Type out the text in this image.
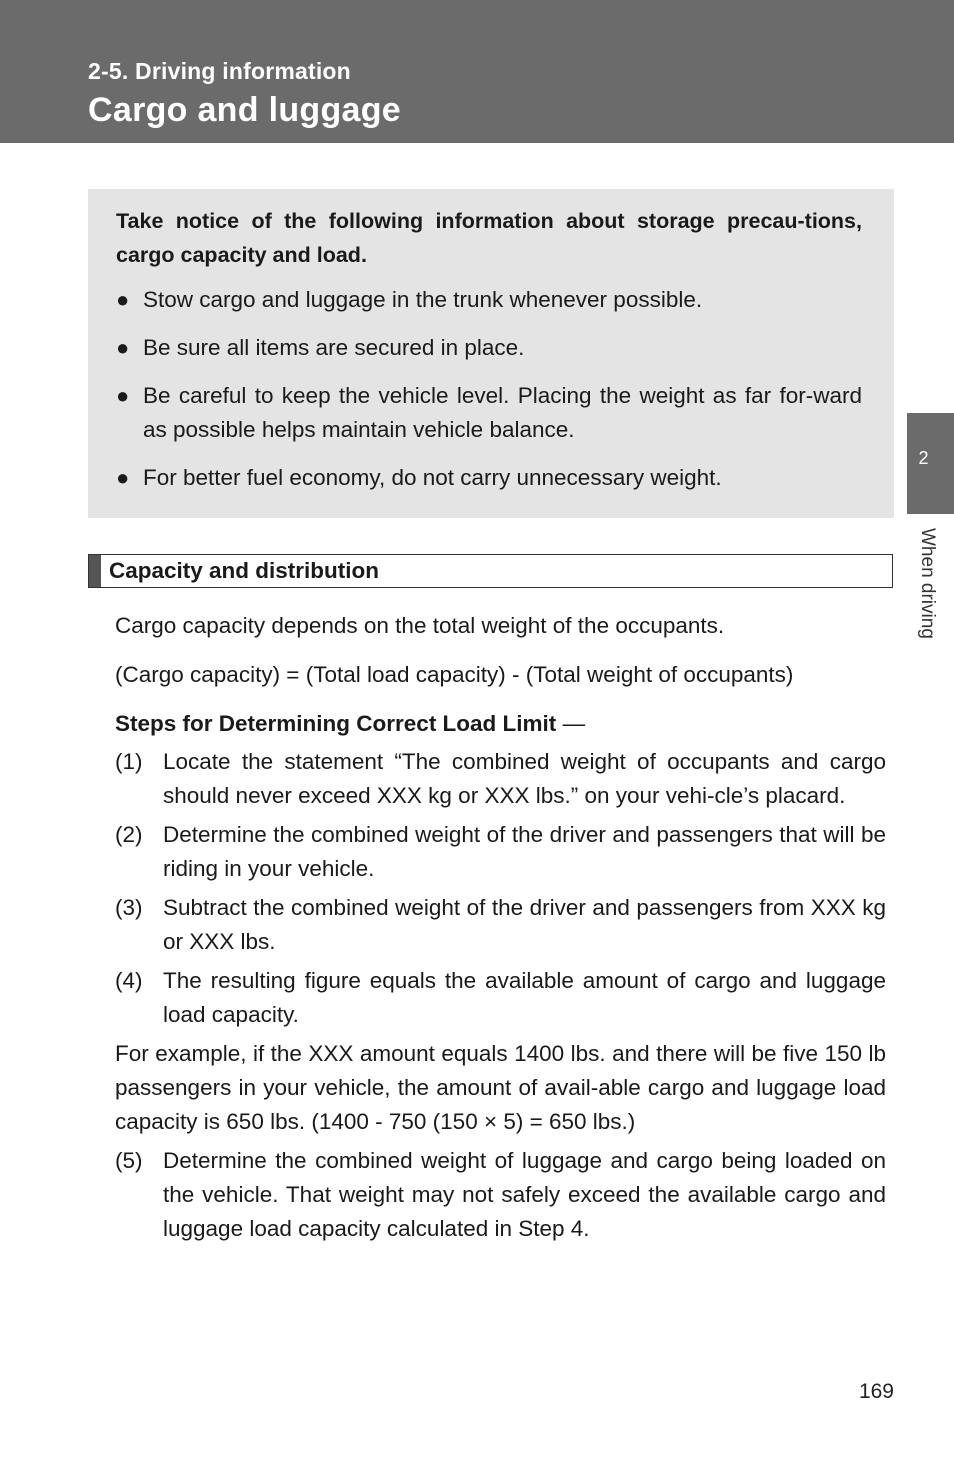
2-5. Driving information
Cargo and luggage

Take notice of the following information about storage precau-tions, cargo capacity and load.

● Stow cargo and luggage in the trunk whenever possible.
● Be sure all items are secured in place.
● Be careful to keep the vehicle level. Placing the weight as far for-ward as possible helps maintain vehicle balance.
● For better fuel economy, do not carry unnecessary weight.
Capacity and distribution

Cargo capacity depends on the total weight of the occupants.

(Cargo capacity) = (Total load capacity) - (Total weight of occupants)

Steps for Determining Correct Load Limit —

(1) Locate the statement “The combined weight of occupants and cargo should never exceed XXX kg or XXX lbs.” on your vehi-cle’s placard.
(2) Determine the combined weight of the driver and passengers that will be riding in your vehicle.
(3) Subtract the combined weight of the driver and passengers from XXX kg or XXX lbs.
(4) The resulting figure equals the available amount of cargo and luggage load capacity.

For example, if the XXX amount equals 1400 lbs. and there will be five 150 lb passengers in your vehicle, the amount of avail-able cargo and luggage load capacity is 650 lbs. (1400 - 750 (150 × 5) = 650 lbs.)

(5) Determine the combined weight of luggage and cargo being loaded on the vehicle. That weight may not safely exceed the available cargo and luggage load capacity calculated in Step 4.
2
When driving
169
